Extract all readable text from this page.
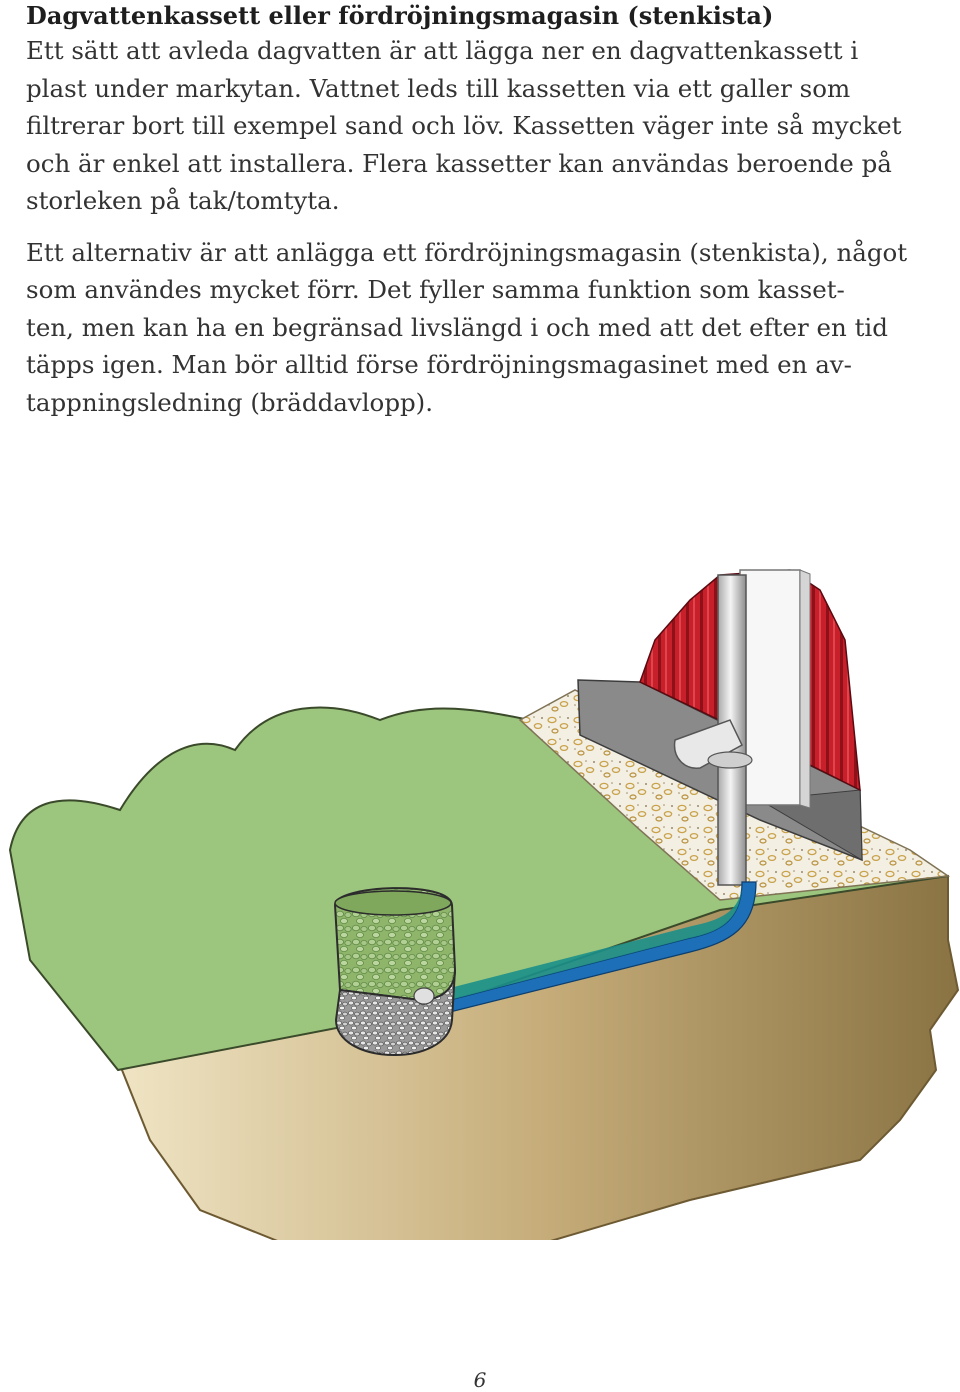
Dagvattenkassett eller fördröjningsmagasin (stenkista)

Ett sätt att avleda dagvatten är att lägga ner en dagvattenkassett i
plast under markytan. Vattnet leds till kassetten via ett galler som
filtrerar bort till exempel sand och löv. Kassetten väger inte så mycket
och är enkel att installera. Flera kassetter kan användas beroende på
storleken på tak/tomtyta.

Ett alternativ är att anlägga ett fördröjningsmagasin (stenkista), något
som användes mycket förr. Det fyller samma funktion som kasset-
ten, men kan ha en begränsad livslängd i och med att det efter en tid
täpps igen. Man bör alltid förse fördröjningsmagasinet med en av-
tappningsledning (bräddavlopp).

6
